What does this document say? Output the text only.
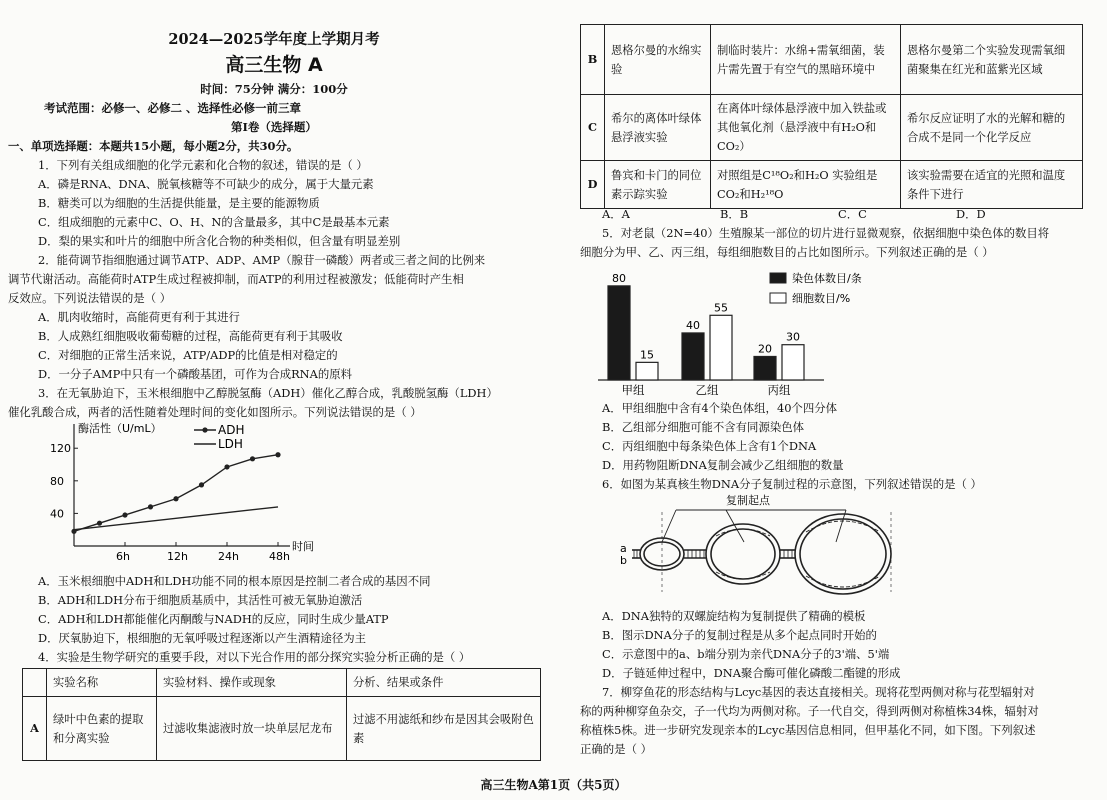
2024—2025学年度上学期月考
高三生物 A
时间：75分钟 满分：100分
考试范围：必修一、必修二 、选择性必修一前三章
第Ⅰ卷（选择题）
一、单项选择题：本题共15小题，每小题2分，共30分。
1．下列有关组成细胞的化学元素和化合物的叙述，错误的是（ ）
A．磷是RNA、DNA、脱氧核糖等不可缺少的成分，属于大量元素
B．糖类可以为细胞的生活提供能量，是主要的能源物质
C．组成细胞的元素中C、O、H、N的含量最多，其中C是最基本元素
D．梨的果实和叶片的细胞中所含化合物的种类相似，但含量有明显差别
2．能荷调节指细胞通过调节ATP、ADP、AMP（腺苷一磷酸）两者或三者之间的比例来
调节代谢活动。高能荷时ATP生成过程被抑制，而ATP的利用过程被激发；低能荷时产生相
反效应。下列说法错误的是（ ）
A．肌肉收缩时，高能荷更有利于其进行
B．人成熟红细胞吸收葡萄糖的过程，高能荷更有利于其吸收
C．对细胞的正常生活来说，ATP/ADP的比值是相对稳定的
D．一分子AMP中只有一个磷酸基团，可作为合成RNA的原料
3．在无氧胁迫下，玉米根细胞中乙醇脱氢酶（ADH）催化乙醇合成，乳酸脱氢酶（LDH）
催化乳酸合成，两者的活性随着处理时间的变化如图所示。下列说法错误的是（ ）
酶活性（U/mL）
时间
40
80
120
6h	12h	24h	48h
ADH
LDH
A．玉米根细胞中ADH和LDH功能不同的根本原因是控制二者合成的基因不同
B．ADH和LDH分布于细胞质基质中，其活性可被无氧胁迫激活
C．ADH和LDH都能催化丙酮酸与NADH的反应，同时生成少量ATP
D．厌氧胁迫下，根细胞的无氧呼吸过程逐渐以产生酒精途径为主
4．实验是生物学研究的重要手段，对以下光合作用的部分探究实验分析正确的是（ ）
	实验名称	实验材料、操作或现象	分析、结果或条件
A	绿叶中色素的提取和分离实验	过滤收集滤液时放一块单层尼龙布	过滤不用滤纸和纱布是因其会吸附色素
B	恩格尔曼的水绵实验	制临时装片：水绵+需氧细菌，装片需先置于有空气的黑暗环境中	恩格尔曼第二个实验发现需氧细菌聚集在红光和蓝紫光区域
C	希尔的离体叶绿体悬浮液实验	在离体叶绿体悬浮液中加入铁盐或其他氧化剂（悬浮液中有H₂O和CO₂）	希尔反应证明了水的光解和糖的合成不是同一个化学反应
D	鲁宾和卡门的同位素示踪实验	对照组是C¹⁸O₂和H₂O 实验组是CO₂和H₂¹⁸O	该实验需要在适宜的光照和温度条件下进行
A．A	B．B	C．C	D．D
5．对老鼠（2N=40）生殖腺某一部位的切片进行显微观察，依据细胞中染色体的数目将
细胞分为甲、乙、丙三组，每组细胞数目的占比如图所示。下列叙述正确的是（ ）
80
15
甲组
40
55
乙组
20
30
丙组
染色体数目/条
细胞数目/%
A．甲组细胞中含有4个染色体组，40个四分体
B．乙组部分细胞可能不含有同源染色体
C．丙组细胞中每条染色体上含有1个DNA
D．用药物阻断DNA复制会减少乙组细胞的数量
6．如图为某真核生物DNA分子复制过程的示意图，下列叙述错误的是（ ）
复制起点
a
b
A．DNA独特的双螺旋结构为复制提供了精确的模板
B．图示DNA分子的复制过程是从多个起点同时开始的
C．示意图中的a、b端分别为亲代DNA分子的3'端、5'端
D．子链延伸过程中，DNA聚合酶可催化磷酸二酯键的形成
7．柳穿鱼花的形态结构与Lcyc基因的表达直接相关。现将花型两侧对称与花型辐射对
称的两种柳穿鱼杂交，子一代均为两侧对称。子一代自交，得到两侧对称植株34株，辐射对
称植株5株。进一步研究发现亲本的Lcyc基因信息相同，但甲基化不同，如下图。下列叙述
正确的是（ ）
高三生物A第1页（共5页）
